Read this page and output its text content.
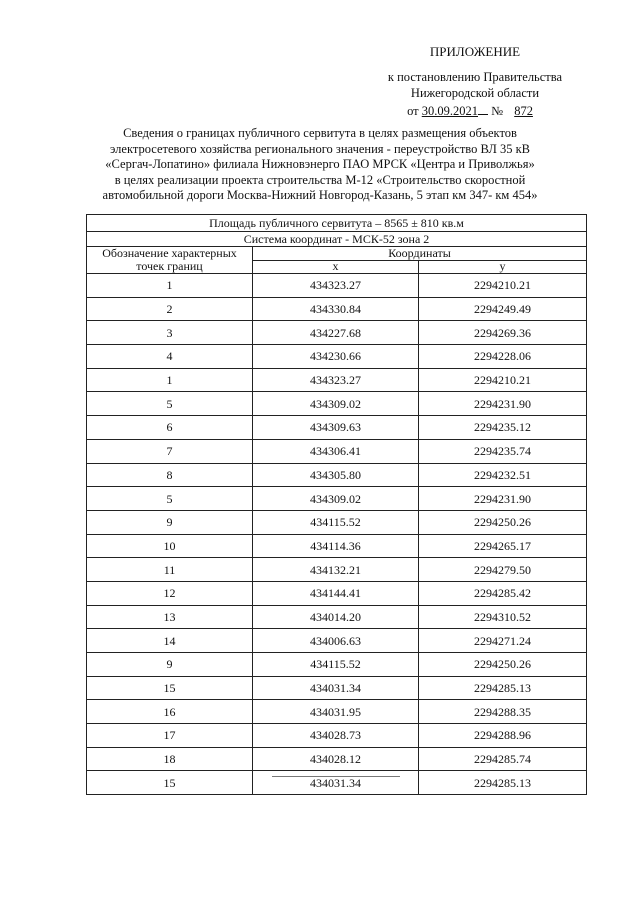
ПРИЛОЖЕНИЕ
к постановлению Правительства
Нижегородской области
от 30.09.2021 № 872
Сведения о границах публичного сервитута в целях размещения объектов
электросетевого хозяйства регионального значения - переустройство ВЛ 35 кВ
«Сергач-Лопатино» филиала Нижновэнерго ПАО МРСК «Центра и Приволжья»
в целях реализации проекта строительства М-12 «Строительство скоростной
автомобильной дороги Москва-Нижний Новгород-Казань, 5 этап км 347- км 454»
Площадь публичного сервитута – 8565 ± 810 кв.м		
Система координат - МСК-52 зона 2		
Обозначение характерных точек границ	Координаты	
	x	y
1	434323.27	2294210.21
2	434330.84	2294249.49
3	434227.68	2294269.36
4	434230.66	2294228.06
1	434323.27	2294210.21
5	434309.02	2294231.90
6	434309.63	2294235.12
7	434306.41	2294235.74
8	434305.80	2294232.51
5	434309.02	2294231.90
9	434115.52	2294250.26
10	434114.36	2294265.17
11	434132.21	2294279.50
12	434144.41	2294285.42
13	434014.20	2294310.52
14	434006.63	2294271.24
9	434115.52	2294250.26
15	434031.34	2294285.13
16	434031.95	2294288.35
17	434028.73	2294288.96
18	434028.12	2294285.74
15	434031.34	2294285.13
